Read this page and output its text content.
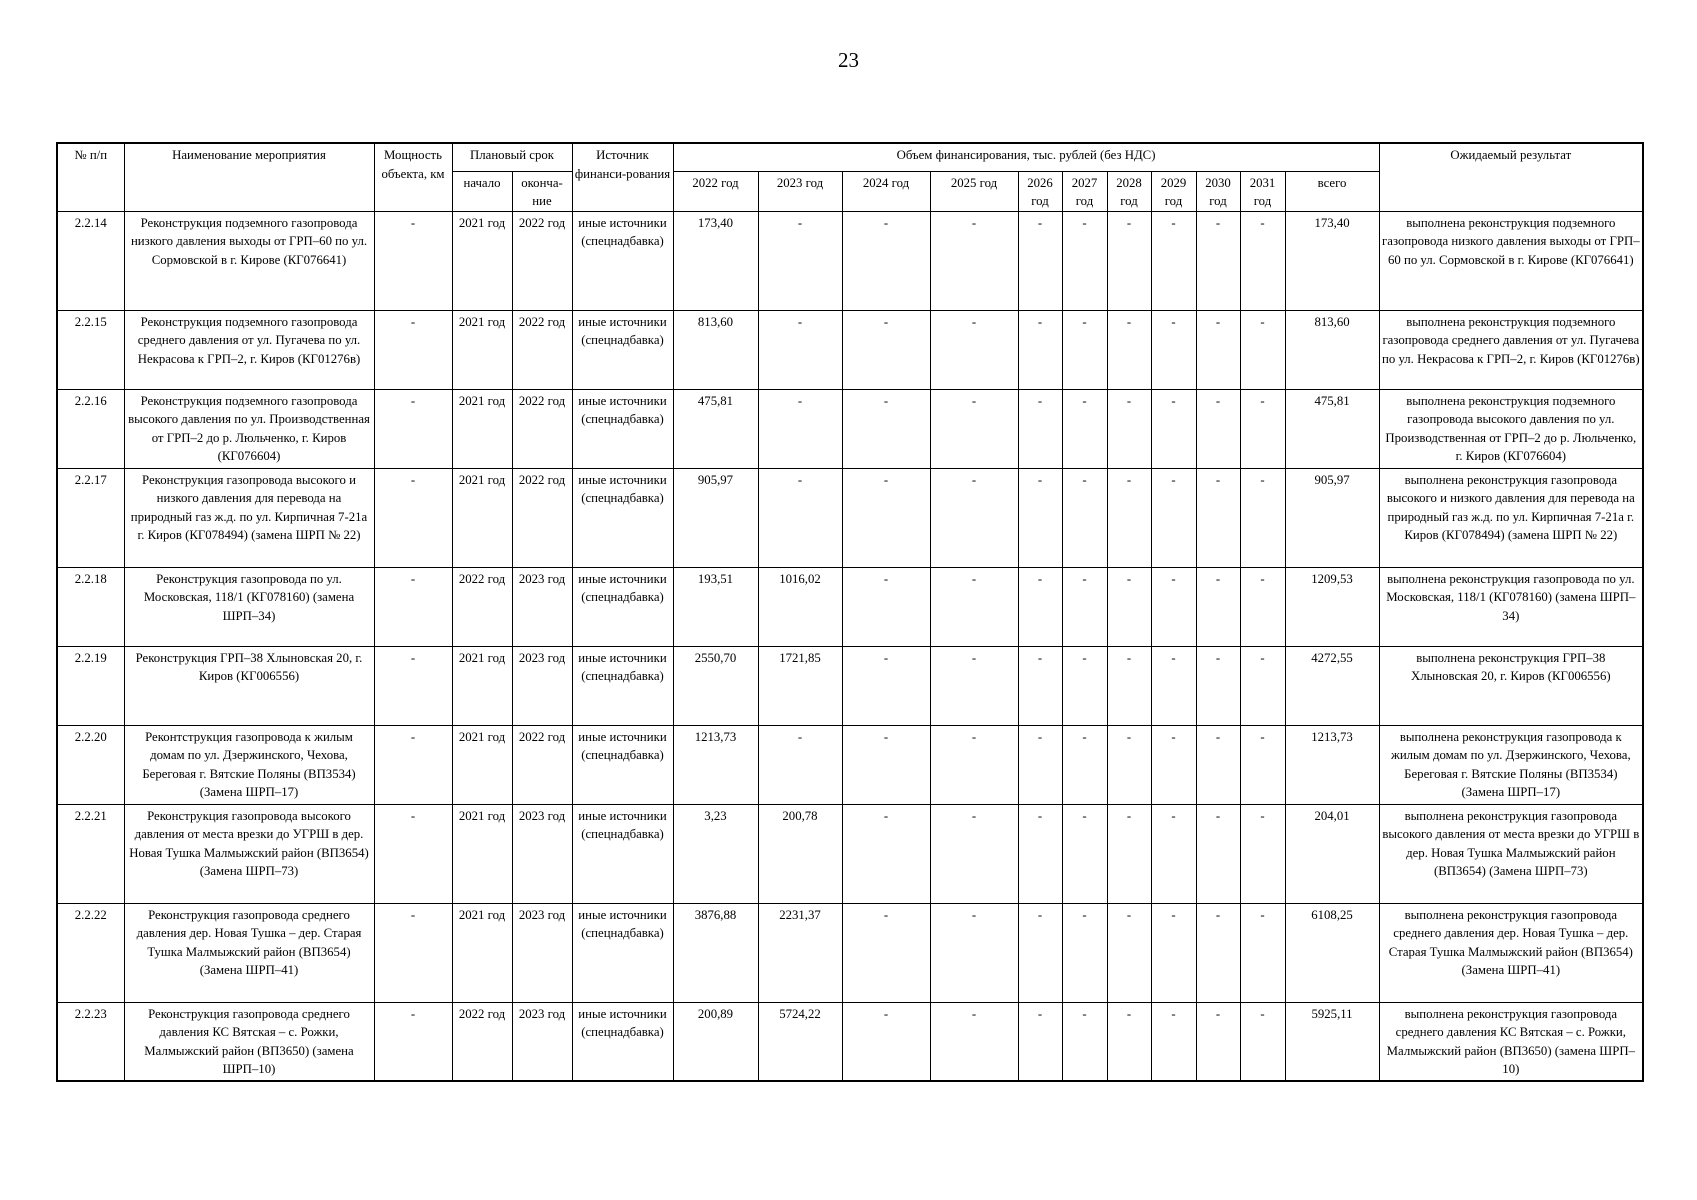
23
№ п/п	Наименование мероприятия	Мощность объекта, км	Плановый срок		Источник финанси-рования	Объем финансирования, тыс. рублей (без НДС)											Ожидаемый результат
			начало	оконча-ние		2022 год	2023 год	2024 год	2025 год	2026 год	2027 год	2028 год	2029 год	2030 год	2031 год	всего	
2.2.14	Реконструкция подземного газопровода низкого давления выходы от ГРП–60 по ул. Сормовской в г. Кирове (КГ076641)	-	2021 год	2022 год	иные источники (спецнадбавка)	173,40	-	-	-	-	-	-	-	-	-	173,40	выполнена реконструкция подземного газопровода низкого давления выходы от ГРП–60 по ул. Сормовской в г. Кирове (КГ076641)
2.2.15	Реконструкция подземного газопровода среднего давления от ул. Пугачева по ул. Некрасова к ГРП–2, г. Киров (КГ01276в)	-	2021 год	2022 год	иные источники (спецнадбавка)	813,60	-	-	-	-	-	-	-	-	-	813,60	выполнена реконструкция подземного газопровода среднего давления от ул. Пугачева по ул. Некрасова к ГРП–2, г. Киров (КГ01276в)
2.2.16	Реконструкция подземного газопровода высокого давления по ул. Производственная от ГРП–2 до р. Люльченко, г. Киров (КГ076604)	-	2021 год	2022 год	иные источники (спецнадбавка)	475,81	-	-	-	-	-	-	-	-	-	475,81	выполнена реконструкция подземного газопровода высокого давления по ул. Производственная от ГРП–2 до р. Люльченко, г. Киров (КГ076604)
2.2.17	Реконструкция газопровода высокого и низкого давления для перевода на природный газ ж.д. по ул. Кирпичная 7-21а г. Киров (КГ078494) (замена ШРП № 22)	-	2021 год	2022 год	иные источники (спецнадбавка)	905,97	-	-	-	-	-	-	-	-	-	905,97	выполнена реконструкция газопровода высокого и низкого давления для перевода на природный газ ж.д. по ул. Кирпичная 7-21а г. Киров (КГ078494) (замена ШРП № 22)
2.2.18	Реконструкция газопровода по ул. Московская, 118/1 (КГ078160) (замена ШРП–34)	-	2022 год	2023 год	иные источники (спецнадбавка)	193,51	1016,02	-	-	-	-	-	-	-	-	1209,53	выполнена реконструкция газопровода по ул. Московская, 118/1 (КГ078160) (замена ШРП–34)
2.2.19	Реконструкция ГРП–38 Хлыновская 20, г. Киров (КГ006556)	-	2021 год	2023 год	иные источники (спецнадбавка)	2550,70	1721,85	-	-	-	-	-	-	-	-	4272,55	выполнена реконструкция ГРП–38 Хлыновская 20, г. Киров (КГ006556)
2.2.20	Реконтструкция газопровода к жилым домам по ул. Дзержинского, Чехова, Береговая г. Вятские Поляны (ВП3534) (Замена ШРП–17)	-	2021 год	2022 год	иные источники (спецнадбавка)	1213,73	-	-	-	-	-	-	-	-	-	1213,73	выполнена реконструкция газопровода к жилым домам по ул. Дзержинского, Чехова, Береговая г. Вятские Поляны (ВП3534) (Замена ШРП–17)
2.2.21	Реконструкция газопровода высокого давления от места врезки до УГРШ в дер. Новая Тушка Малмыжский район (ВП3654) (Замена ШРП–73)	-	2021 год	2023 год	иные источники (спецнадбавка)	3,23	200,78	-	-	-	-	-	-	-	-	204,01	выполнена реконструкция газопровода высокого давления от места врезки до УГРШ в дер. Новая Тушка Малмыжский район (ВП3654) (Замена ШРП–73)
2.2.22	Реконструкция газопровода среднего давления дер. Новая Тушка – дер. Старая Тушка Малмыжский район (ВП3654) (Замена ШРП–41)	-	2021 год	2023 год	иные источники (спецнадбавка)	3876,88	2231,37	-	-	-	-	-	-	-	-	6108,25	выполнена реконструкция газопровода среднего давления дер. Новая Тушка – дер. Старая Тушка Малмыжский район (ВП3654) (Замена ШРП–41)
2.2.23	Реконструкция газопровода среднего давления КС Вятская – с. Рожки, Малмыжский район (ВП3650) (замена ШРП–10)	-	2022 год	2023 год	иные источники (спецнадбавка)	200,89	5724,22	-	-	-	-	-	-	-	-	5925,11	выполнена реконструкция газопровода среднего давления КС Вятская – с. Рожки, Малмыжский район (ВП3650) (замена ШРП–10)
